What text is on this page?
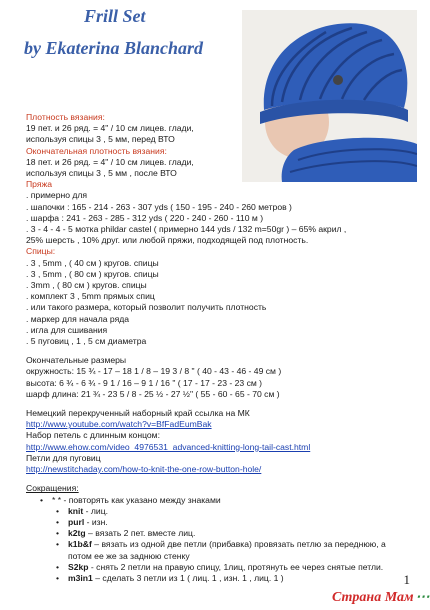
Frill Set
by Ekaterina Blanchard
Плотность вязания:
19 пет. и 26 ряд. = 4" / 10 см лицев. глади,
используя спицы 3 , 5 мм, перед ВТО
Окончательная плотность вязания:
18 пет. и 26 ряд. = 4" / 10 см лицев. глади,
используя спицы 3 , 5 мм , после ВТО
Пряжа
. примерно для
. шапочки : 165 - 214 - 263 - 307 yds ( 150 - 195 - 240 - 260 метров )
. шарфа : 241 - 263 - 285 - 312 yds ( 220 - 240 - 260 - 110 м )
. 3 - 4 - 4 - 5 мотка phildar castel ( примерно 144 yds / 132 m=50gr ) – 65% акрил ,
25% шерсть , 10% друг. или любой пряжи, подходящей под плотность.
Спицы:
. 3 , 5mm , ( 40 см ) кругов. спицы
. 3 , 5mm , ( 80 см ) кругов. спицы
. 3mm , ( 80 см ) кругов. спицы
. комплект 3 , 5mm прямых спиц
. или такого размера, который позволит получить плотность
. маркер для начала ряда
. игла для сшивания
. 5 пуговиц , 1 , 5 см диаметра
Окончательные размеры
окружность: 15 ¾ - 17 – 18 1 / 8 – 19 3 / 8 " ( 40 - 43 - 46 - 49 см )
высота: 6 ¾ - 6 ¾ - 9 1 / 16 – 9 1 / 16 " ( 17 - 17 - 23 - 23 см )
шарф длина: 21 ¾ - 23 5 / 8 - 25 ½ - 27 ½" ( 55 - 60 - 65 - 70 см )
Немецкий перекрученный наборный край ссылка на МК
http://www.youtube.com/watch?v=BfFadEumBak
Набор петель с длинным концом:
http://www.ehow.com/video_4976531_advanced-knitting-long-tail-cast.html
Петли для пуговиц
http://newstitchaday.com/how-to-knit-the-one-row-button-hole/
Сокращения:
• * * - повторять как указано между знаками
• knit - лиц.
• purl - изн.
• k2tg – вязать 2 пет. вместе лиц.
• k1b&f – вязать из одной две петли (прибавка) провязать петлю за переднюю, а
потом ее же за заднюю стенку
• S2kp - снять 2 петли на правую спицу, 1лиц, протянуть ее через снятые петли.
• m3in1 – сделать 3 петли из 1 ( лиц. 1 , изн. 1 , лиц. 1 )	1
Страна Мам ⋯
